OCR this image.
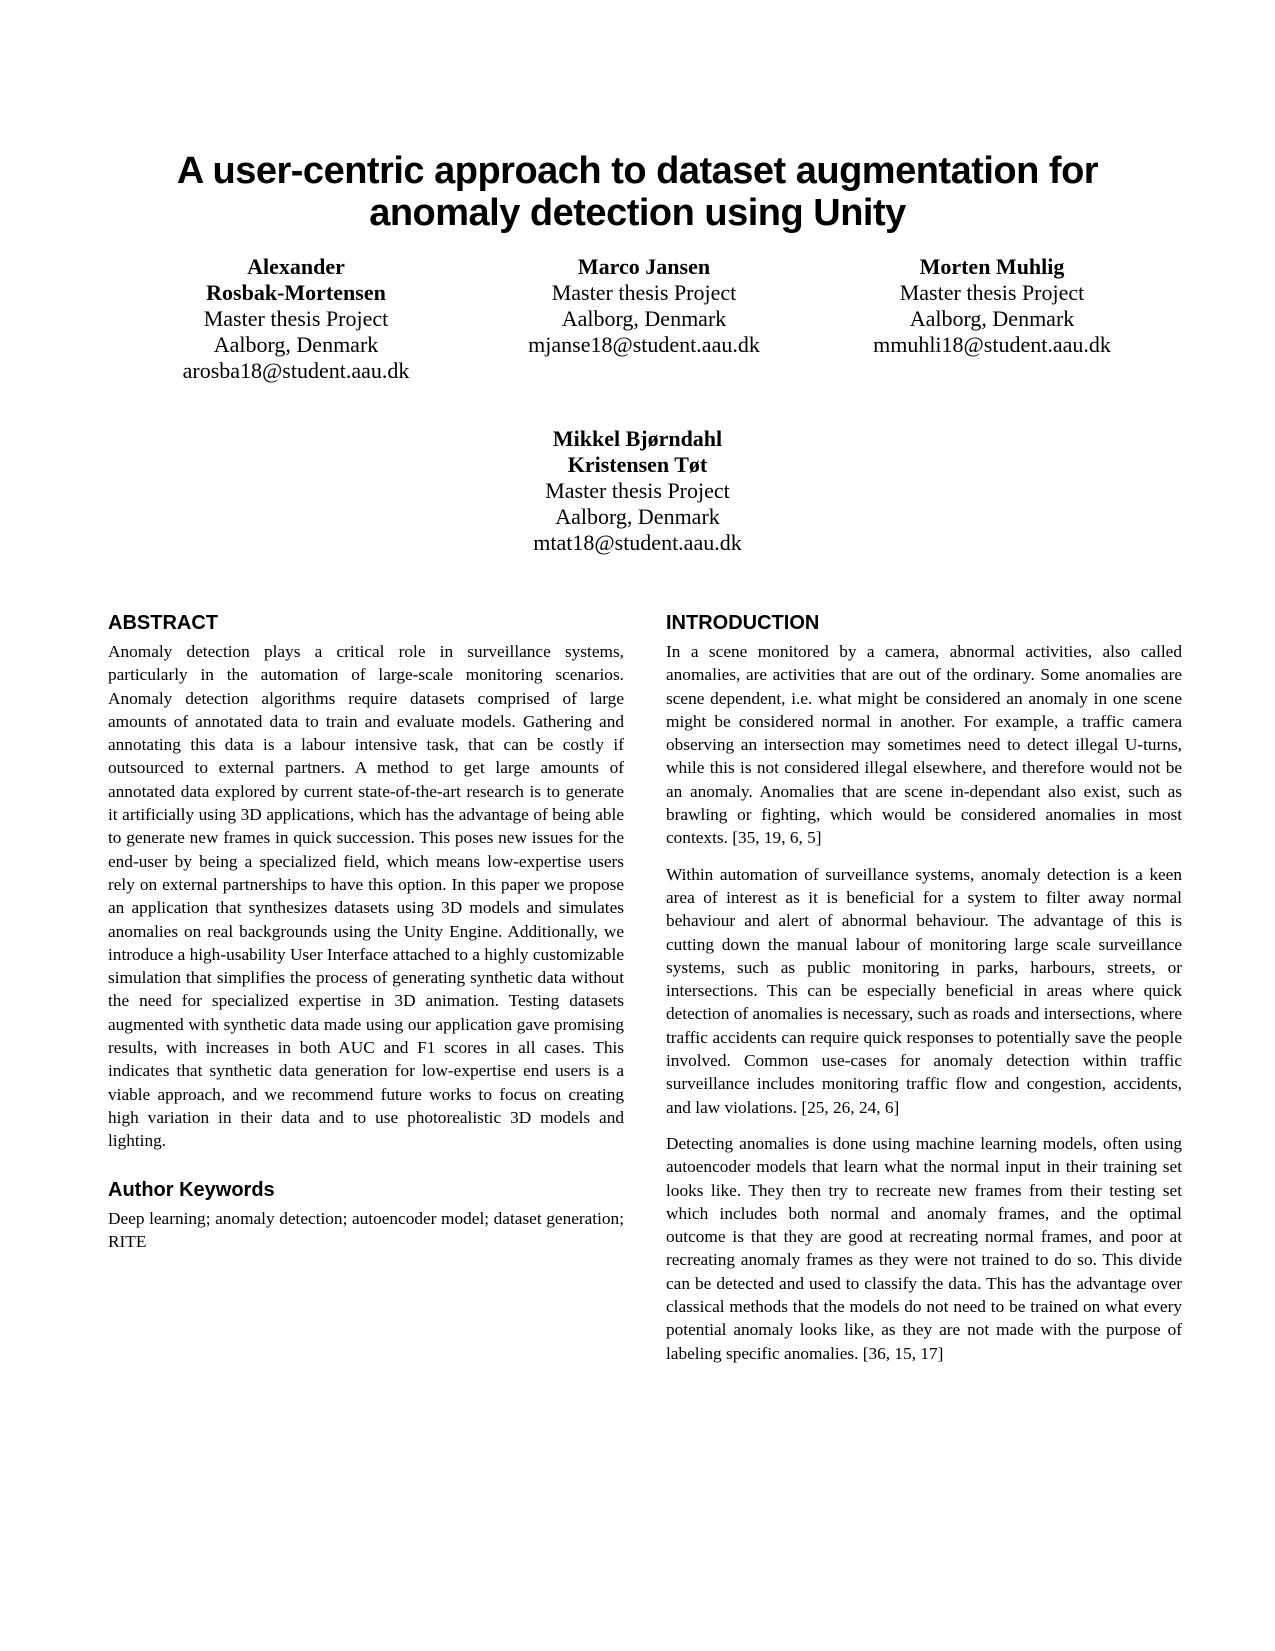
A user-centric approach to dataset augmentation for
anomaly detection using Unity
Alexander
Rosbak-Mortensen
Master thesis Project
Aalborg, Denmark
arosba18@student.aau.dk
Marco Jansen
Master thesis Project
Aalborg, Denmark
mjanse18@student.aau.dk
Morten Muhlig
Master thesis Project
Aalborg, Denmark
mmuhli18@student.aau.dk
Mikkel Bjørndahl
Kristensen Tøt
Master thesis Project
Aalborg, Denmark
mtat18@student.aau.dk
ABSTRACT

Anomaly detection plays a critical role in surveillance systems, particularly in the automation of large-scale monitoring scenarios. Anomaly detection algorithms require datasets comprised of large amounts of annotated data to train and evaluate models. Gathering and annotating this data is a labour intensive task, that can be costly if outsourced to external partners. A method to get large amounts of annotated data explored by current state-of-the-art research is to generate it artificially using 3D applications, which has the advantage of being able to generate new frames in quick succession. This poses new issues for the end-user by being a specialized field, which means low-expertise users rely on external partnerships to have this option. In this paper we propose an application that synthesizes datasets using 3D models and simulates anomalies on real backgrounds using the Unity Engine. Additionally, we introduce a high-usability User Interface attached to a highly customizable simulation that simplifies the process of generating synthetic data without the need for specialized expertise in 3D animation. Testing datasets augmented with synthetic data made using our application gave promising results, with increases in both AUC and F1 scores in all cases. This indicates that synthetic data generation for low-expertise end users is a viable approach, and we recommend future works to focus on creating high variation in their data and to use photorealistic 3D models and lighting.

Author Keywords

Deep learning; anomaly detection; autoencoder model; dataset generation; RITE

INTRODUCTION

In a scene monitored by a camera, abnormal activities, also called anomalies, are activities that are out of the ordinary. Some anomalies are scene dependent, i.e. what might be considered an anomaly in one scene might be considered normal in another. For example, a traffic camera observing an intersection may sometimes need to detect illegal U-turns, while this is not considered illegal elsewhere, and therefore would not be an anomaly. Anomalies that are scene in-dependant also exist, such as brawling or fighting, which would be considered anomalies in most contexts. [35, 19, 6, 5]

Within automation of surveillance systems, anomaly detection is a keen area of interest as it is beneficial for a system to filter away normal behaviour and alert of abnormal behaviour. The advantage of this is cutting down the manual labour of monitoring large scale surveillance systems, such as public monitoring in parks, harbours, streets, or intersections. This can be especially beneficial in areas where quick detection of anomalies is necessary, such as roads and intersections, where traffic accidents can require quick responses to potentially save the people involved. Common use-cases for anomaly detection within traffic surveillance includes monitoring traffic flow and congestion, accidents, and law violations. [25, 26, 24, 6]

Detecting anomalies is done using machine learning models, often using autoencoder models that learn what the normal input in their training set looks like. They then try to recreate new frames from their testing set which includes both normal and anomaly frames, and the optimal outcome is that they are good at recreating normal frames, and poor at recreating anomaly frames as they were not trained to do so. This divide can be detected and used to classify the data. This has the advantage over classical methods that the models do not need to be trained on what every potential anomaly looks like, as they are not made with the purpose of labeling specific anomalies. [36, 15, 17]
